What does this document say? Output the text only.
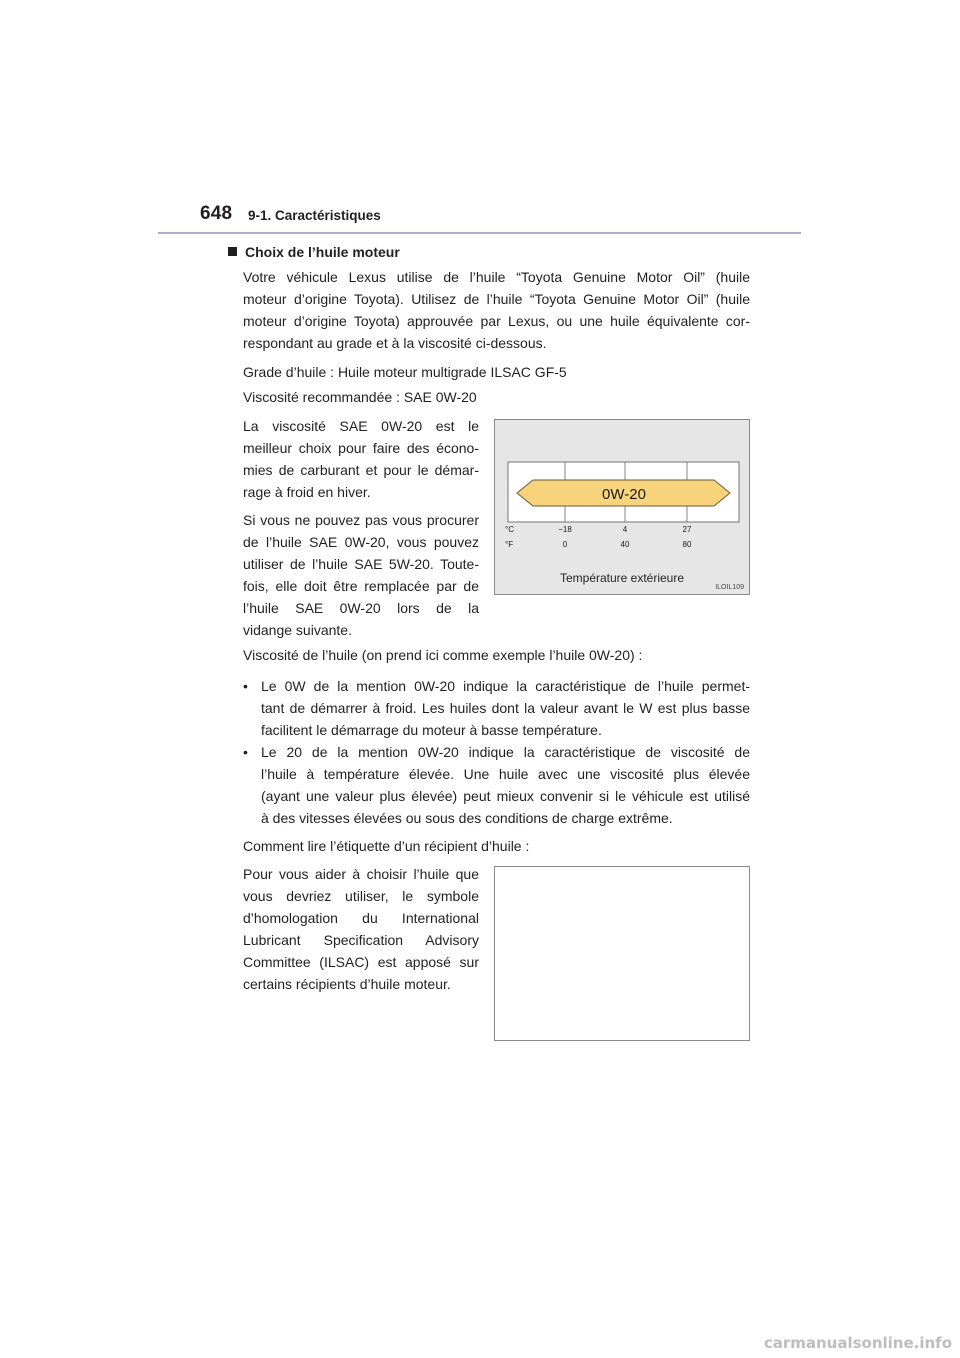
648 9-1. Caractéristiques
Choix de l’huile moteur
Votre véhicule Lexus utilise de l’huile “Toyota Genuine Motor Oil” (huile
moteur d’origine Toyota). Utilisez de l’huile “Toyota Genuine Motor Oil” (huile
moteur d’origine Toyota) approuvée par Lexus, ou une huile équivalente cor-
respondant au grade et à la viscosité ci-dessous.
Grade d’huile : Huile moteur multigrade ILSAC GF-5
Viscosité recommandée : SAE 0W-20
La viscosité SAE 0W-20 est le
meilleur choix pour faire des écono-
mies de carburant et pour le démar-
rage à froid en hiver.
Si vous ne pouvez pas vous procurer
de l’huile SAE 0W-20, vous pouvez
utiliser de l’huile SAE 5W-20. Toute-
fois, elle doit être remplacée par de
l’huile SAE 0W-20 lors de la
vidange suivante.
0W-20
°C
°F
−18	4	27
0	40	80
Température extérieure
ILOIL109
Viscosité de l’huile (on prend ici comme exemple l’huile 0W-20) :
• Le 0W de la mention 0W-20 indique la caractéristique de l’huile permet-
tant de démarrer à froid. Les huiles dont la valeur avant le W est plus basse
facilitent le démarrage du moteur à basse température.
• Le 20 de la mention 0W-20 indique la caractéristique de viscosité de
l’huile à température élevée. Une huile avec une viscosité plus élevée
(ayant une valeur plus élevée) peut mieux convenir si le véhicule est utilisé
à des vitesses élevées ou sous des conditions de charge extrême.
Comment lire l’étiquette d’un récipient d’huile :
Pour vous aider à choisir l’huile que
vous devriez utiliser, le symbole
d’homologation du International
Lubricant Specification Advisory
Committee (ILSAC) est apposé sur
certains récipients d’huile moteur.
carmanualsonline.info
